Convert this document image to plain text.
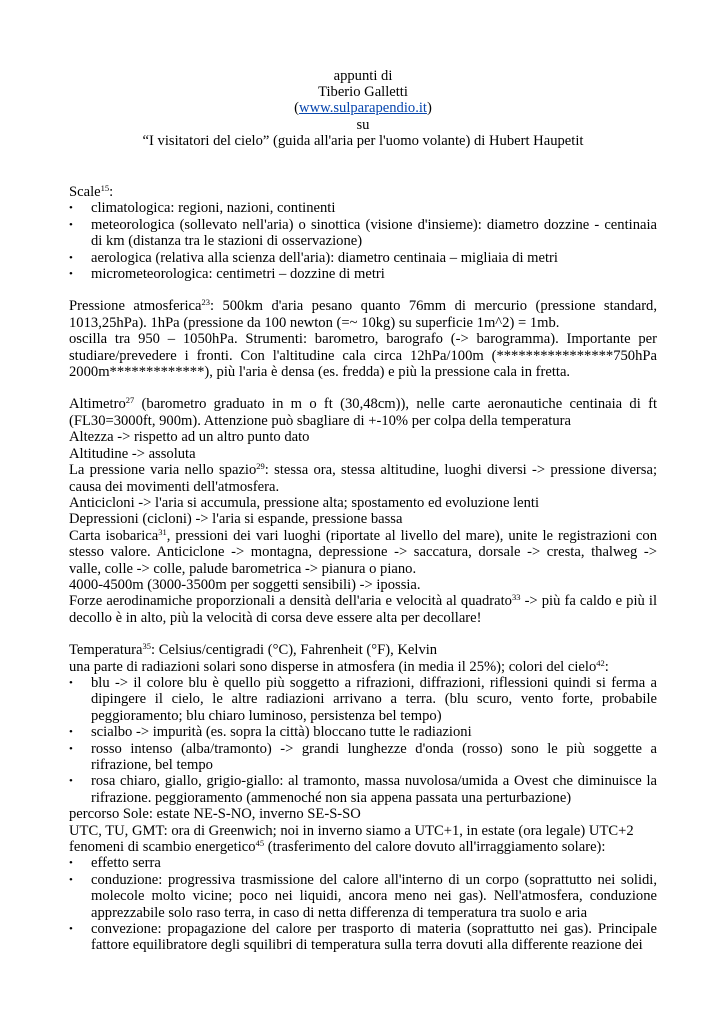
appunti di
Tiberio Galletti
(www.sulparapendio.it)
su
“I visitatori del cielo” (guida all'aria per l'uomo volante) di Hubert Haupetit

Scale$^{15}$:

• climatologica: regioni, nazioni, continenti
• meteorologica (sollevato nell'aria) o sinottica (visione d'insieme): diametro dozzine - centinaia di km (distanza tra le stazioni di osservazione)
• aerologica (relativa alla scienza dell'aria): diametro centinaia – migliaia di metri
• micrometeorologica: centimetri – dozzine di metri

Pressione atmosferica$^{23}$: 500km d'aria pesano quanto 76mm di mercurio (pressione standard, 1013,25hPa). 1hPa (pressione da 100 newton (=~ 10kg) su superficie 1m^2) = 1mb.

oscilla tra 950 – 1050hPa. Strumenti: barometro, barografo (-> barogramma). Importante per studiare/prevedere i fronti. Con l'altitudine cala circa 12hPa/100m (****************750hPa 2000m*************), più l'aria è densa (es. fredda) e più la pressione cala in fretta.

Altimetro$^{27}$ (barometro graduato in m o ft (30,48cm)), nelle carte aeronautiche centinaia di ft (FL30=3000ft, 900m). Attenzione può sbagliare di +-10% per colpa della temperatura

Altezza -> rispetto ad un altro punto dato

Altitudine -> assoluta

La pressione varia nello spazio$^{29}$: stessa ora, stessa altitudine, luoghi diversi -> pressione diversa; causa dei movimenti dell'atmosfera.

Anticicloni -> l'aria si accumula, pressione alta; spostamento ed evoluzione lenti

Depressioni (cicloni) -> l'aria si espande, pressione bassa

Carta isobarica$^{31}$, pressioni dei vari luoghi (riportate al livello del mare), unite le registrazioni con stesso valore. Anticiclone -> montagna, depressione -> saccatura, dorsale -> cresta, thalweg -> valle, colle -> colle, palude barometrica -> pianura o piano.

4000-4500m (3000-3500m per soggetti sensibili) -> ipossia.

Forze aerodinamiche proporzionali a densità dell'aria e velocità al quadrato$^{33}$ -> più fa caldo e più il decollo è in alto, più la velocità di corsa deve essere alta per decollare!

Temperatura$^{35}$: Celsius/centigradi (°C), Fahrenheit (°F), Kelvin

una parte di radiazioni solari sono disperse in atmosfera (in media il 25%); colori del cielo$^{42}$:

• blu -> il colore blu è quello più soggetto a rifrazioni, diffrazioni, riflessioni quindi si ferma a dipingere il cielo, le altre radiazioni arrivano a terra. (blu scuro, vento forte, probabile peggioramento; blu chiaro luminoso, persistenza bel tempo)
• scialbo -> impurità (es. sopra la città) bloccano tutte le radiazioni
• rosso intenso (alba/tramonto) -> grandi lunghezze d'onda (rosso) sono le più soggette a rifrazione, bel tempo
• rosa chiaro, giallo, grigio-giallo: al tramonto, massa nuvolosa/umida a Ovest che diminuisce la rifrazione. peggioramento (ammenoché non sia appena passata una perturbazione)

percorso Sole: estate NE-S-NO, inverno SE-S-SO

UTC, TU, GMT: ora di Greenwich; noi in inverno siamo a UTC+1, in estate (ora legale) UTC+2

fenomeni di scambio energetico$^{45}$ (trasferimento del calore dovuto all'irraggiamento solare):

• effetto serra
• conduzione: progressiva trasmissione del calore all'interno di un corpo (soprattutto nei solidi, molecole molto vicine; poco nei liquidi, ancora meno nei gas). Nell'atmosfera, conduzione apprezzabile solo raso terra, in caso di netta differenza di temperatura tra suolo e aria
• convezione: propagazione del calore per trasporto di materia (soprattutto nei gas). Principale fattore equilibratore degli squilibri di temperatura sulla terra dovuti alla differente reazione dei
